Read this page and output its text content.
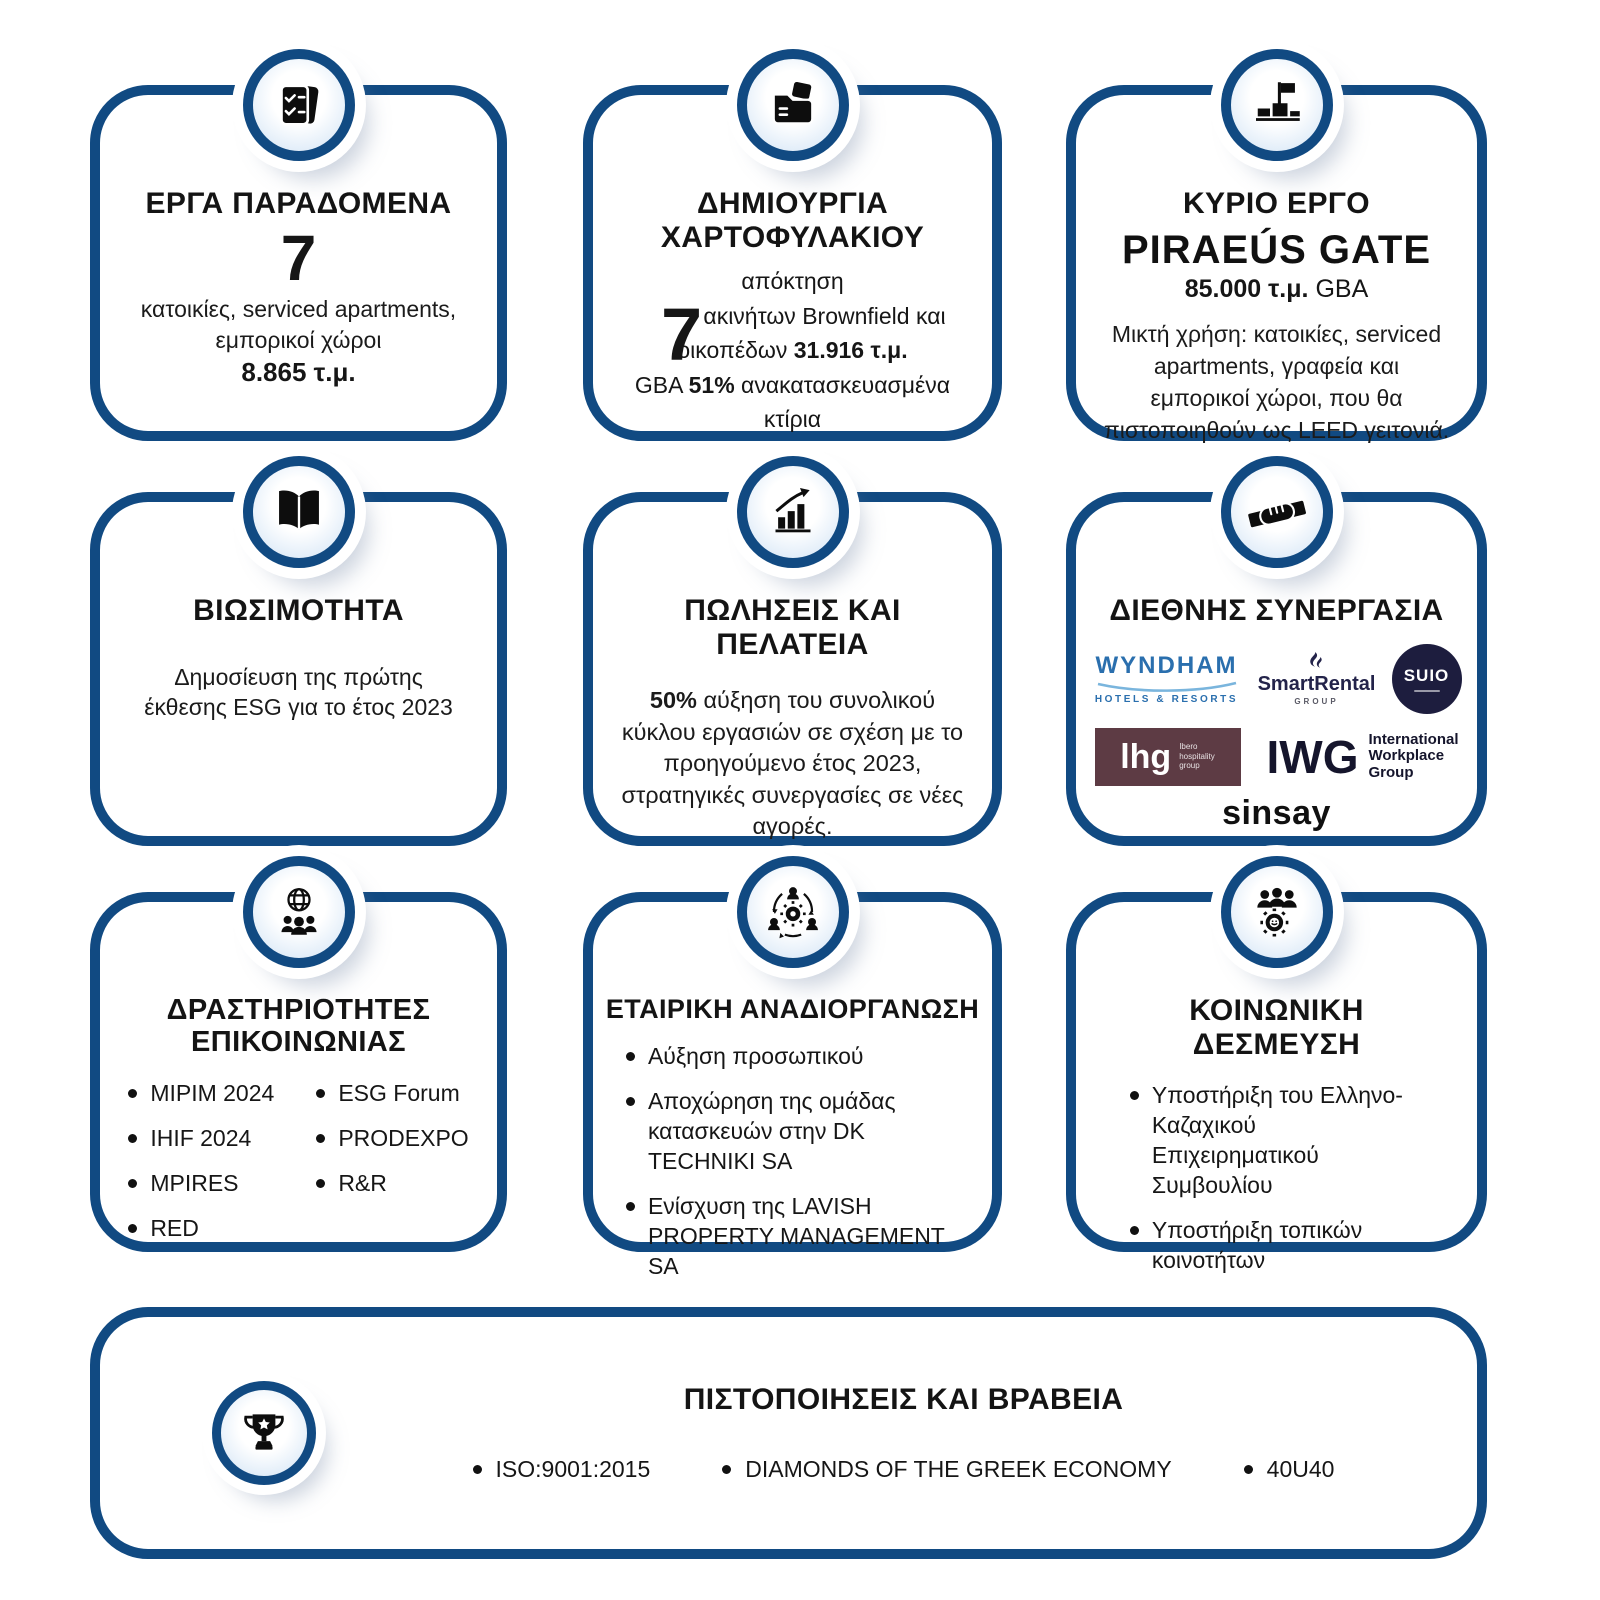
ΕΡΓΑ ΠΑΡΑΔΟΜΕΝΑ
7

κατοικίες, serviced apartments,
εμπορικοί χώροι

8.865 τ.μ.
ΔΗΜΙΟΥΡΓΙΑ
ΧΑΡΤΟΦΥΛΑΚΙΟΥ
7
απόκτηση
ακινήτων Brownfield και
οικοπέδων 31.916 τ.μ.
GBA 51% ανακατασκευασμένα
κτίρια
ΚΥΡΙΟ ΕΡΓΟ
PIRAEÚS GATE
85.000 τ.μ. GBA

Μικτή χρήση: κατοικίες, serviced apartments, γραφεία και εμπορικοί χώροι, που θα πιστοποιηθούν ως LEED γειτονιά.

ΒΙΩΣΙΜΟΤΗΤΑ

Δημοσίευση της πρώτης
έκθεσης ESG για το έτος 2023

ΠΩΛΗΣΕΙΣ ΚΑΙ ΠΕΛΑΤΕΙΑ

50% αύξηση του συνολικού κύκλου εργασιών σε σχέση με το προηγούμενο έτος 2023, στρατηγικές συνεργασίες σε νέες αγορές.

ΔΙΕΘΝΗΣ ΣΥΝΕΡΓΑΣΙΑ
WYNDHAM
HOTELS & RESORTS
SmartRental
GROUP
SUIO
lhg Ibero
hospitality
group	IWG International
Workplace
Group
sinsay
ΔΡΑΣΤΗΡΙΟΤΗΤΕΣ
ΕΠΙΚΟΙΝΩΝΙΑΣ
MIPIM 2024
IHIF 2024
MPIRES
RED
ESG Forum
PRODEXPO
R&R
ΕΤΑΙΡΙΚΗ ΑΝΑΔΙΟΡΓΑΝΩΣΗ
Αύξηση προσωπικού
Αποχώρηση της ομάδας κατασκευών στην DK TECHNIKI SA
Ενίσχυση της LAVISH PROPERTY MANAGEMENT SA
ΚΟΙΝΩΝΙΚΗ ΔΕΣΜΕΥΣΗ
Υποστήριξη του Ελληνο-Καζαχικού Επιχειρηματικού Συμβουλίου
Υποστήριξη τοπικών κοινοτήτων
ΠΙΣΤΟΠΟΙΗΣΕΙΣ ΚΑΙ ΒΡΑΒΕΙΑ
ISO:9001:2015	DIAMONDS OF THE GREEK ECONOMY	40U40
